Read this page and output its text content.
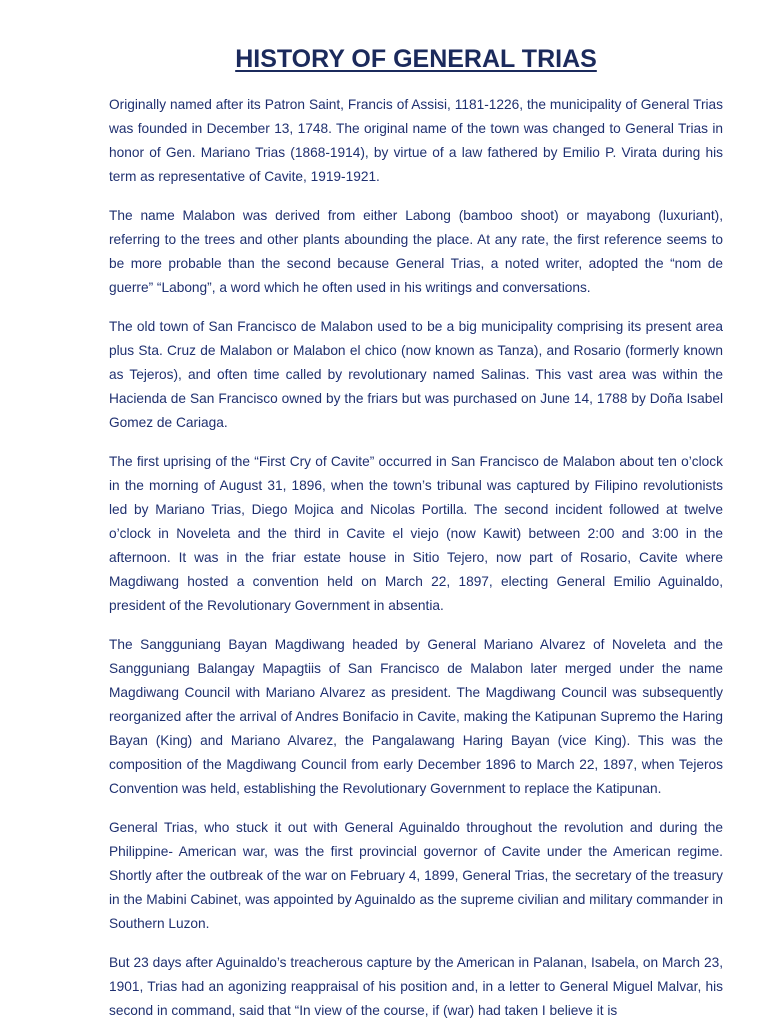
HISTORY OF GENERAL TRIAS

Originally named after its Patron Saint, Francis of Assisi, 1181-1226, the municipality of General Trias was founded in December 13, 1748. The original name of the town was changed to General Trias in honor of Gen. Mariano Trias (1868-1914), by virtue of a law fathered by Emilio P. Virata during his term as representative of Cavite, 1919-1921.

The name Malabon was derived from either Labong (bamboo shoot) or mayabong (luxuriant), referring to the trees and other plants abounding the place. At any rate, the first reference seems to be more probable than the second because General Trias, a noted writer, adopted the “nom de guerre” “Labong”, a word which he often used in his writings and conversations.

The old town of San Francisco de Malabon used to be a big municipality comprising its present area plus Sta. Cruz de Malabon or Malabon el chico (now known as Tanza), and Rosario (formerly known as Tejeros), and often time called by revolutionary named Salinas. This vast area was within the Hacienda de San Francisco owned by the friars but was purchased on June 14, 1788 by Doña Isabel Gomez de Cariaga.

The first uprising of the “First Cry of Cavite” occurred in San Francisco de Malabon about ten o’clock in the morning of August 31, 1896, when the town’s tribunal was captured by Filipino revolutionists led by Mariano Trias, Diego Mojica and Nicolas Portilla. The second incident followed at twelve o’clock in Noveleta and the third in Cavite el viejo (now Kawit) between 2:00 and 3:00 in the afternoon. It was in the friar estate house in Sitio Tejero, now part of Rosario, Cavite where Magdiwang hosted a convention held on March 22, 1897, electing General Emilio Aguinaldo, president of the Revolutionary Government in absentia.

The Sangguniang Bayan Magdiwang headed by General Mariano Alvarez of Noveleta and the Sangguniang Balangay Mapagtiis of San Francisco de Malabon later merged under the name Magdiwang Council with Mariano Alvarez as president. The Magdiwang Council was subsequently reorganized after the arrival of Andres Bonifacio in Cavite, making the Katipunan Supremo the Haring Bayan (King) and Mariano Alvarez, the Pangalawang Haring Bayan (vice King). This was the composition of the Magdiwang Council from early December 1896 to March 22, 1897, when Tejeros Convention was held, establishing the Revolutionary Government to replace the Katipunan.

General Trias, who stuck it out with General Aguinaldo throughout the revolution and during the Philippine- American war, was the first provincial governor of Cavite under the American regime. Shortly after the outbreak of the war on February 4, 1899, General Trias, the secretary of the treasury in the Mabini Cabinet, was appointed by Aguinaldo as the supreme civilian and military commander in Southern Luzon.

But 23 days after Aguinaldo’s treacherous capture by the American in Palanan, Isabela, on March 23, 1901, Trias had an agonizing reappraisal of his position and, in a letter to General Miguel Malvar, his second in command, said that “In view of the course, if (war) had taken I believe it is
